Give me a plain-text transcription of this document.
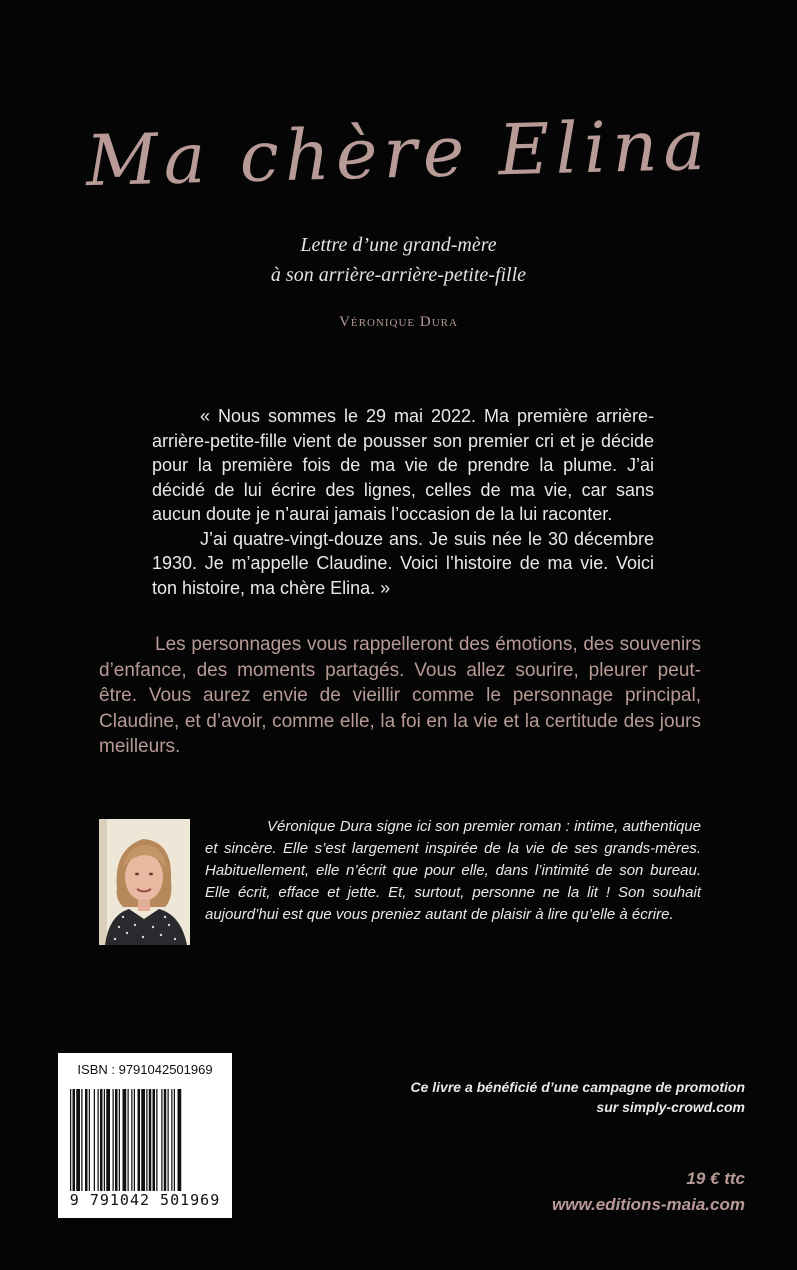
Ma chère Elina
Lettre d’une grand-mère
à son arrière-arrière-petite-fille
Véronique Dura

« Nous sommes le 29 mai 2022. Ma première arrière-arrière-petite-fille vient de pousser son premier cri et je décide pour la première fois de ma vie de prendre la plume. J’ai décidé de lui écrire des lignes, celles de ma vie, car sans aucun doute je n’aurai jamais l’occasion de la lui raconter.

J’ai quatre-vingt-douze ans. Je suis née le 30 décembre 1930. Je m’appelle Claudine. Voici l’histoire de ma vie. Voici ton histoire, ma chère Elina. »

Les personnages vous rappelleront des émotions, des souvenirs d’enfance, des moments partagés. Vous allez sourire, pleurer peut-être. Vous aurez envie de vieillir comme le personnage principal, Claudine, et d’avoir, comme elle, la foi en la vie et la certitude des jours meilleurs.

Véronique Dura signe ici son premier roman : intime, authentique et sincère. Elle s’est largement inspirée de la vie de ses grands-mères. Habituellement, elle n’écrit que pour elle, dans l’intimité de son bureau. Elle écrit, efface et jette. Et, surtout, personne ne la lit ! Son souhait aujourd’hui est que vous preniez autant de plaisir à lire qu’elle à écrire.

ISBN : 9791042501969
9 791042 501969
Ce livre a bénéficié d’une campagne de promotion
sur simply-crowd.com
19 € ttc
www.editions-maia.com
